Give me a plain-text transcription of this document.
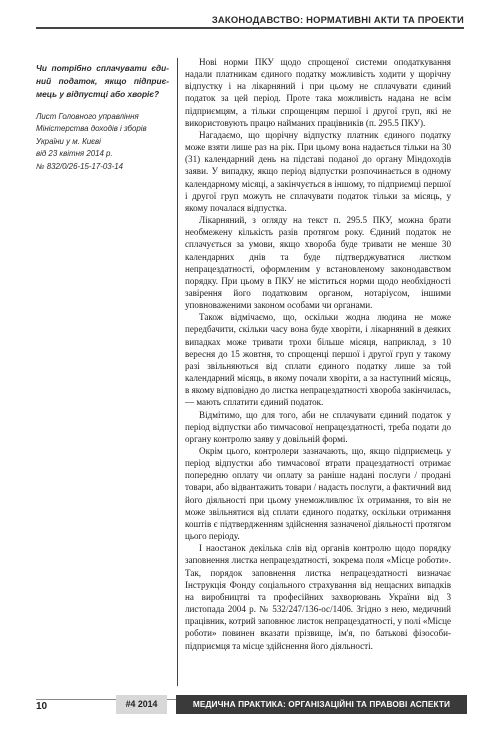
ЗАКОНОДАВСТВО: НОРМАТИВНІ АКТИ ТА ПРОЕКТИ
Чи потрібно сплачувати єди-ний податок, якщо підприє-мець у відпустці або хворіє?
Лист Головного управління
Міністерства доходів і зборів
України у м. Києві
від 23 квітня 2014 р.
№ 832/0/26-15-17-03-14

Нові норми ПКУ щодо спрощеної системи оподаткування надали платникам єдиного податку можливість ходити у щорічну відпустку і на лікарняний і при цьому не сплачувати єдиний податок за цей період. Проте така можливість надана не всім підприємцям, а тільки спрощенцям першої і другої груп, які не використовують працю найманих працівників (п. 295.5 ПКУ).

Нагадаємо, що щорічну відпустку платник єдиного податку може взяти лише раз на рік. При цьому вона надається тільки на 30 (31) календарний день на підставі поданої до органу Міндоходів заяви. У випадку, якщо період відпустки розпочинається в одному календарному місяці, а закінчується в іншому, то підприємці першої і другої груп можуть не сплачувати податок тільки за місяць, у якому почалася відпустка.

Лікарняний, з огляду на текст п. 295.5 ПКУ, можна брати необмежену кількість разів протягом року. Єдиний податок не сплачується за умови, якщо хвороба буде тривати не менше 30 календарних днів та буде підтверджуватися листком непрацездатності, оформленим у встановленому законодавством порядку. При цьому в ПКУ не міститься норми щодо необхідності завірення його податковим органом, нотаріусом, іншими уповноваженими законом особами чи органами.

Також відмічаємо, що, оскільки жодна людина не може передбачити, скільки часу вона буде хворіти, і лікарняний в деяких випадках може тривати трохи більше місяця, наприклад, з 10 вересня до 15 жовтня, то спрощенці першої і другої груп у такому разі звільняються від сплати єдиного податку лише за той календарний місяць, в якому почали хворіти, а за наступний місяць, в якому відповідно до листка непрацездатності хвороба закінчилась, — мають сплатити єдиний податок.

Відмітимо, що для того, аби не сплачувати єдиний податок у період відпустки або тимчасової непрацездатності, треба подати до органу контролю заяву у довільній формі.

Окрім цього, контролери зазначають, що, якщо підприємець у період відпустки або тимчасової втрати працездатності отримає попередню оплату чи оплату за раніше надані послуги / продані товари, або відвантажить товари / надасть послуги, а фактичний вид його діяльності при цьому унеможливлює їх отримання, то він не може звільнятися від сплати єдиного податку, оскільки отримання коштів є підтвердженням здійснення зазначеної діяльності протягом цього періоду.

І наостанок декілька слів від органів контролю щодо порядку заповнення листка непрацездатності, зокрема поля «Місце роботи». Так, порядок заповнення листка непрацездатності визначає Інструкція Фонду соціального страхування від нещасних випадків на виробництві та професійних захворювань України від 3 листопада 2004 р. № 532/247/136-ос/1406. Згідно з нею, медичний працівник, котрий заповнює листок непрацездатності, у полі «Місце роботи» повинен вказати прізвище, ім'я, по батькові фізособи-підприємця та місце здійснення його діяльності.

10	#4 2014	МЕДИЧНА ПРАКТИКА: ОРГАНІЗАЦІЙНІ ТА ПРАВОВІ АСПЕКТИ
